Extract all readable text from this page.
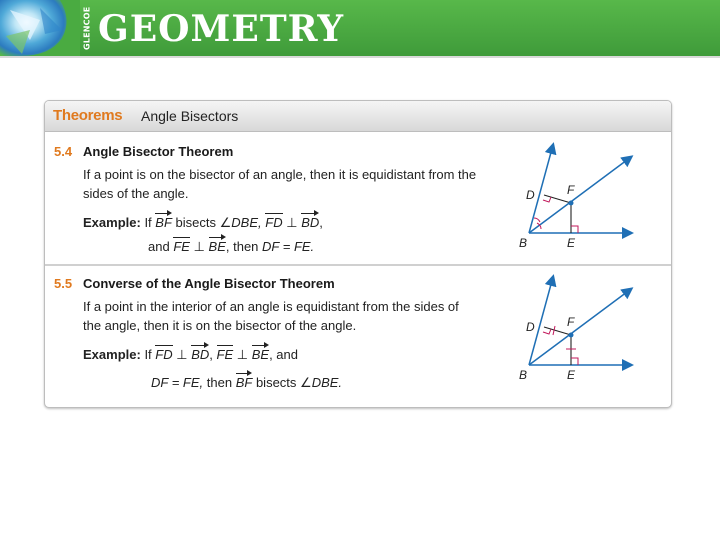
GLENCOE GEOMETRY
Theorems Angle Bisectors
5.4 Angle Bisector Theorem
If a point is on the bisector of an angle, then it is equidistant from the sides of the angle.
Example: If BF bisects ∠DBE, FD ⊥ BD,
and FE ⊥ BE, then DF = FE.
5.5 Converse of the Angle Bisector Theorem
If a point in the interior of an angle is equidistant from the sides of the angle, then it is on the bisector of the angle.
Example: If FD ⊥ BD, FE ⊥ BE, and
DF = FE, then BF bisects ∠DBE.
D	F
B	E
D	F
B	E
